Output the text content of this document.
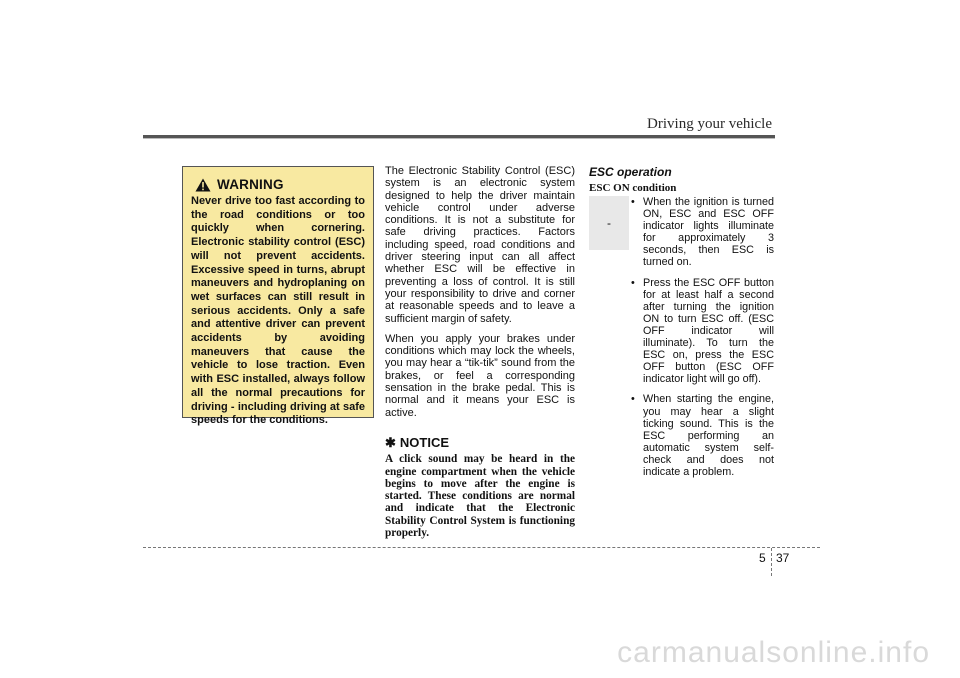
Driving your vehicle
WARNING
Never drive too fast according to the road conditions or too quickly when cornering. Electronic stability control (ESC) will not prevent accidents. Excessive speed in turns, abrupt maneuvers and hydroplaning on wet surfaces can still result in serious accidents. Only a safe and attentive driver can prevent accidents by avoiding maneuvers that cause the vehicle to lose traction. Even with ESC installed, always follow all the normal precautions for driving - including driving at safe speeds for the conditions.

The Electronic Stability Control (ESC) system is an electronic system designed to help the driver maintain vehicle control under adverse conditions. It is not a substitute for safe driving practices. Factors including speed, road conditions and driver steering input can all affect whether ESC will be effective in preventing a loss of control. It is still your responsibility to drive and corner at reasonable speeds and to leave a sufficient margin of safety.

When you apply your brakes under conditions which may lock the wheels, you may hear a “tik-tik” sound from the brakes, or feel a corresponding sensation in the brake pedal. This is normal and it means your ESC is active.

✱ NOTICE
A click sound may be heard in the engine compartment when the vehicle begins to move after the engine is started. These conditions are normal and indicate that the Electronic Stability Control System is functioning properly.
ESC operation
ESC ON condition
-
• When the ignition is turned ON, ESC and ESC OFF indicator lights illuminate for approximately 3 seconds, then ESC is turned on.
• Press the ESC OFF button for at least half a second after turning the ignition ON to turn ESC off. (ESC OFF indicator will illuminate). To turn the ESC on, press the ESC OFF button (ESC OFF indicator light will go off).
• When starting the engine, you may hear a slight ticking sound. This is the ESC performing an automatic system self-check and does not indicate a problem.
5 37
carmanualsonline.info
